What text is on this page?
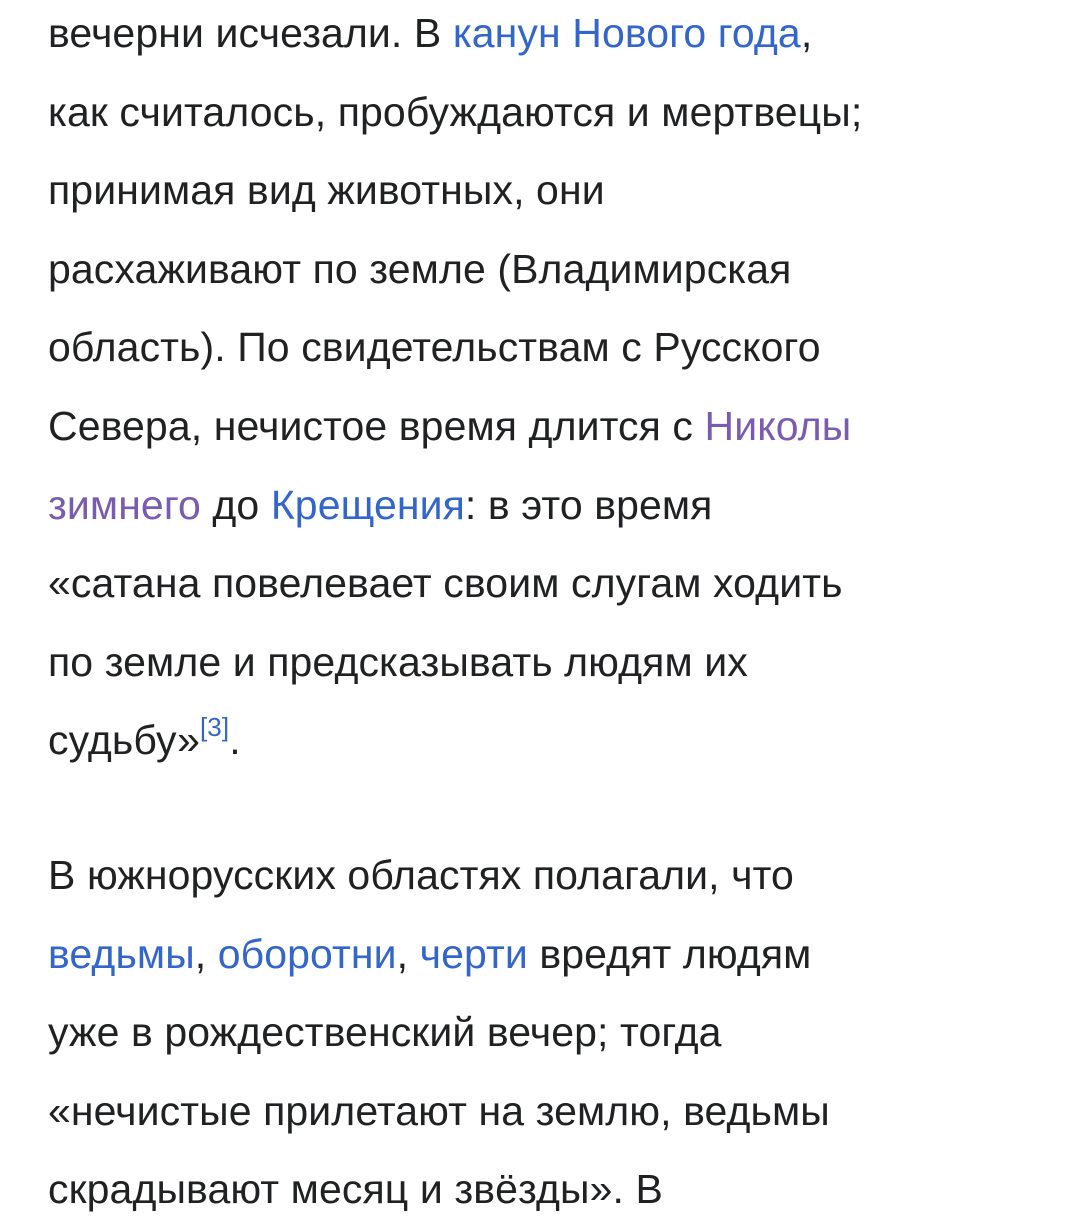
вечерни исчезали. В канун Нового года,
как считалось, пробуждаются и мертвецы;
принимая вид животных, они
расхаживают по земле (Владимирская
область). По свидетельствам с Русского
Севера, нечистое время длится с Николы
зимнего до Крещения: в это время
«сатана повелевает своим слугам ходить
по земле и предсказывать людям их
судьбу»[3].

В южнорусских областях полагали, что
ведьмы, оборотни, черти вредят людям
уже в рождественский вечер; тогда
«нечистые прилетают на землю, ведьмы
скрадывают месяц и звёзды». В
